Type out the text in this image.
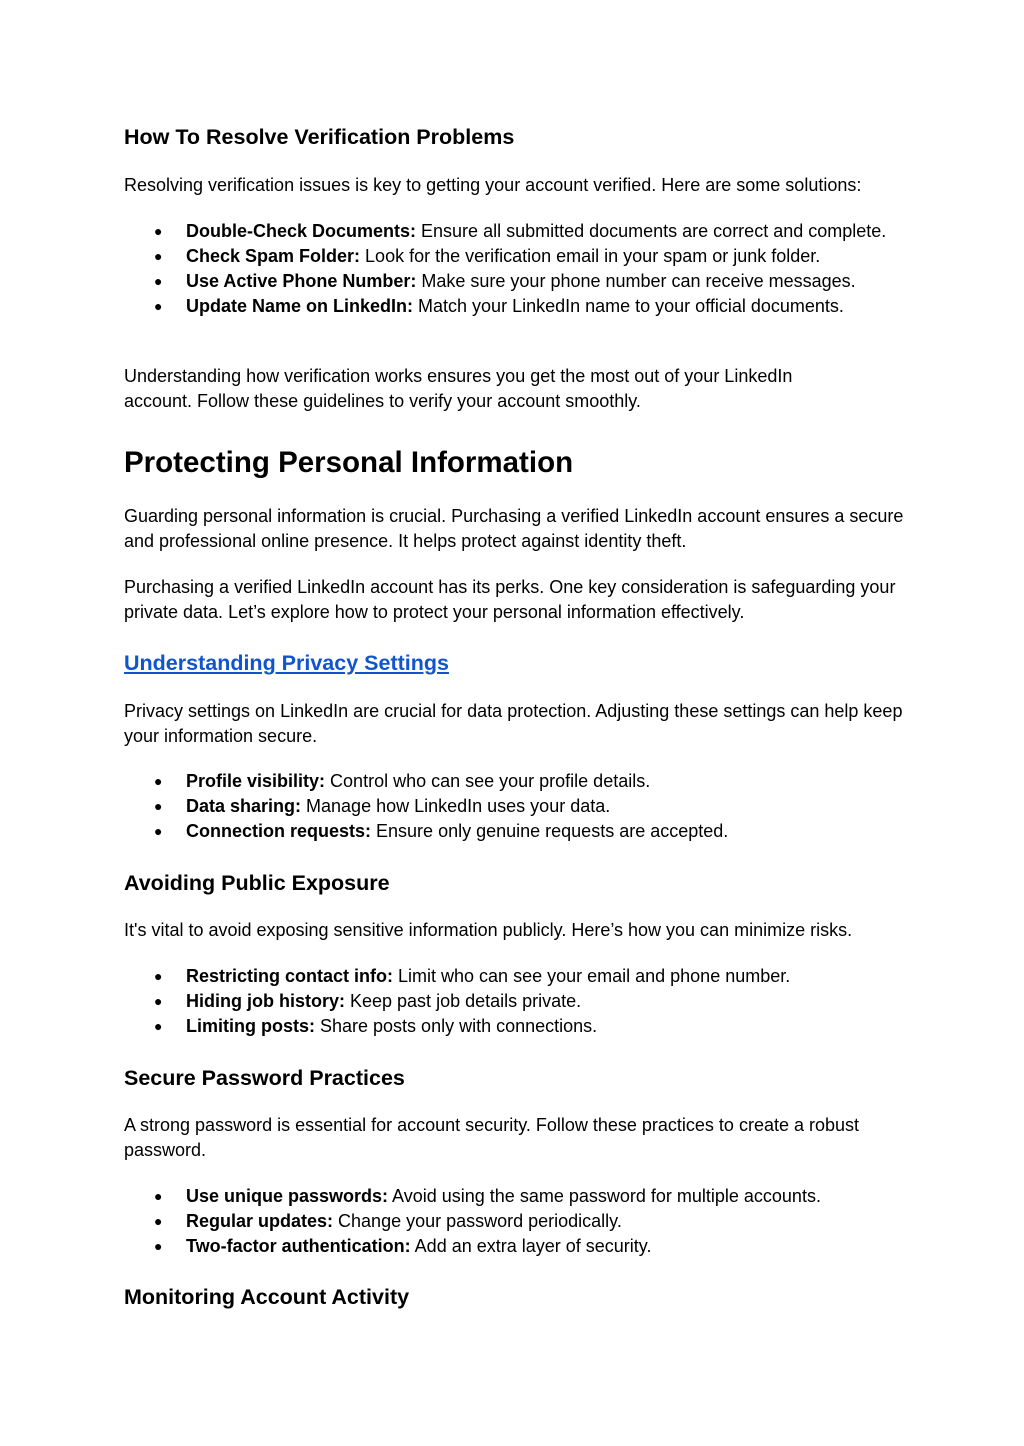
How To Resolve Verification Problems

Resolving verification issues is key to getting your account verified. Here are some solutions:

● Double-Check Documents: Ensure all submitted documents are correct and complete.
● Check Spam Folder: Look for the verification email in your spam or junk folder.
● Use Active Phone Number: Make sure your phone number can receive messages.
● Update Name on LinkedIn: Match your LinkedIn name to your official documents.

Understanding how verification works ensures you get the most out of your LinkedIn account. Follow these guidelines to verify your account smoothly.

Protecting Personal Information

Guarding personal information is crucial. Purchasing a verified LinkedIn account ensures a secure and professional online presence. It helps protect against identity theft.

Purchasing a verified LinkedIn account has its perks. One key consideration is safeguarding your private data. Let’s explore how to protect your personal information effectively.

Understanding Privacy Settings

Privacy settings on LinkedIn are crucial for data protection. Adjusting these settings can help keep your information secure.

● Profile visibility: Control who can see your profile details.
● Data sharing: Manage how LinkedIn uses your data.
● Connection requests: Ensure only genuine requests are accepted.
Avoiding Public Exposure

It's vital to avoid exposing sensitive information publicly. Here’s how you can minimize risks.

● Restricting contact info: Limit who can see your email and phone number.
● Hiding job history: Keep past job details private.
● Limiting posts: Share posts only with connections.
Secure Password Practices

A strong password is essential for account security. Follow these practices to create a robust password.

● Use unique passwords: Avoid using the same password for multiple accounts.
● Regular updates: Change your password periodically.
● Two-factor authentication: Add an extra layer of security.
Monitoring Account Activity
